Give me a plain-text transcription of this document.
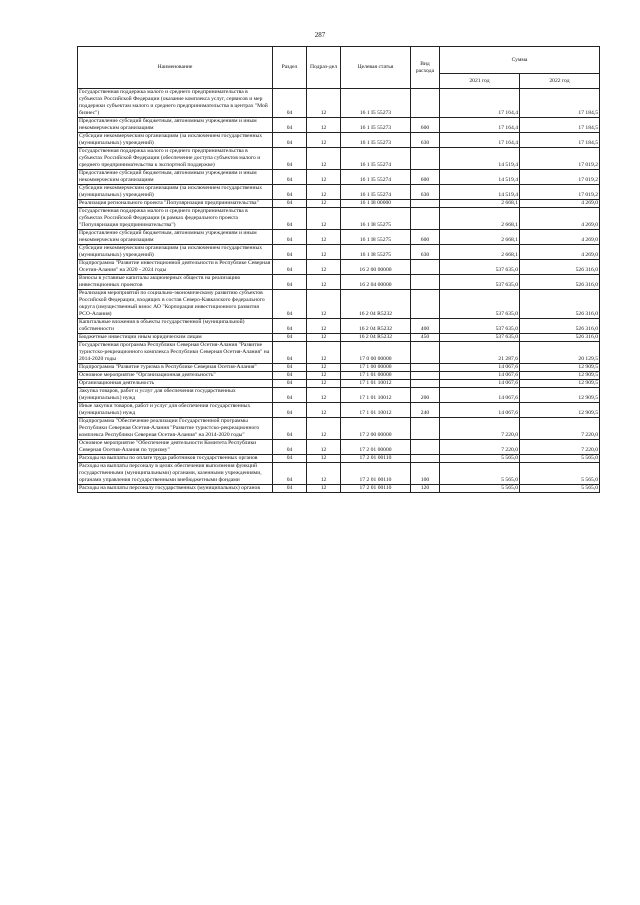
287
Наименование	Раздел	Подраз-дел	Целевая статья	Вид расхода	Сумма	
					2021 год	2022 год
Государственная поддержка малого и среднего предпринимательства в субъектах Российской Федерации (оказание комплекса услуг, сервисов и мер поддержки субъектам малого и среднего предпринимательства в центрах "Мой бизнес")	04	12	16 1 I5 55273		17 164,4	17 184,5
Предоставление субсидий бюджетным, автономным учреждениям и иным некоммерческим организациям	04	12	16 1 I5 55273	600	17 164,4	17 184,5
Субсидии некоммерческим организациям (за исключением государственных (муниципальных) учреждений)	04	12	16 1 I5 55273	630	17 164,4	17 184,5
Государственная поддержка малого и среднего предпринимательства в субъектах Российской Федерации (обеспечение доступа субъектов малого и среднего предпринимательства к экспортной поддержке)	04	12	16 1 I5 55274		14 519,4	17 019,2
Предоставление субсидий бюджетным, автономным учреждениям и иным некоммерческим организациям	04	12	16 1 I5 55274	600	14 519,4	17 019,2
Субсидии некоммерческим организациям (за исключением государственных (муниципальных) учреждений)	04	12	16 1 I5 55274	630	14 519,4	17 019,2
Реализация регионального проекта "Популяризация предпринимательства"	04	12	16 1 I8 00000		2 668,1	4 269,0
Государственная поддержка малого и среднего предпринимательства в субъектах Российской Федерации (в рамках федерального проекта "Популяризация предпринимательства")	04	12	16 1 I8 55275		2 668,1	4 269,0
Предоставление субсидий бюджетным, автономным учреждениям и иным некоммерческим организациям	04	12	16 1 I8 55275	600	2 668,1	4 269,0
Субсидии некоммерческим организациям (за исключением государственных (муниципальных) учреждений)	04	12	16 1 I8 55275	630	2 668,1	4 269,0
Подпрограмма "Развитие инвестиционной деятельности в Республике Северная Осетия-Алания" на 2020 - 2024 годы	04	12	16 2 00 00000		537 635,0	526 316,0
Взносы в уставные капиталы акционерных обществ на реализацию инвестиционных проектов	04	12	16 2 04 00000		537 635,0	526 316,0
Реализация мероприятий по социально-экономическому развитию субъектов Российской Федерации, входящих в состав Северо-Кавказского федерального округа (имущественный взнос АО "Корпорация инвестиционного развития РСО-Алания)	04	12	16 2 04 R5232		537 635,0	526 316,0
Капитальные вложения в объекты государственной (муниципальной) собственности	04	12	16 2 04 R5232	400	537 635,0	526 316,0
Бюджетные инвестиции иным юридическим лицам	04	12	16 2 04 R5232	450	537 635,0	526 316,0
Государственная программа Республики Северная Осетия-Алания "Развитие туристско-рекреационного комплекса Республики Северная Осетия-Алания" на 2014-2020 годы	04	12	17 0 00 00000		21 287,6	20 129,5
Подпрограмма "Развитие туризма в Республике Северная Осетия-Алания"	04	12	17 1 00 00000		14 067,6	12 909,5
Основное мероприятие "Организационная деятельность"	04	12	17 1 01 00000		14 067,6	12 909,5
Организационная деятельность	04	12	17 1 01 10012		14 067,6	12 909,5
Закупка товаров, работ и услуг для обеспечения государственных (муниципальных) нужд	04	12	17 1 01 10012	200	14 067,6	12 909,5
Иные закупки товаров, работ и услуг для обеспечения государственных (муниципальных) нужд	04	12	17 1 01 10012	240	14 067,6	12 909,5
Подпрограмма "Обеспечение реализации Государственной программы Республики Северная Осетия-Алания "Развитие туристско-рекреационного комплекса Республики Северная Осетия-Алания" на 2014-2020 годы"	04	12	17 2 00 00000		7 220,0	7 220,0
Основное мероприятие "Обеспечение деятельности Комитета Республики Северная Осетия-Алания по туризму"	04	12	17 2 01 00000		7 220,0	7 220,0
Расходы на выплаты по оплате труда работников государственных органов	04	12	17 2 01 00110		5 565,0	5 565,0
Расходы на выплаты персоналу в целях обеспечения выполнения функций государственными (муниципальными) органами, казенными учреждениями, органами управления государственными внебюджетными фондами	04	12	17 2 01 00110	100	5 565,0	5 565,0
Расходы на выплаты персоналу государственных (муниципальных) органов	04	12	17 2 01 00110	120	5 565,0	5 565,0
